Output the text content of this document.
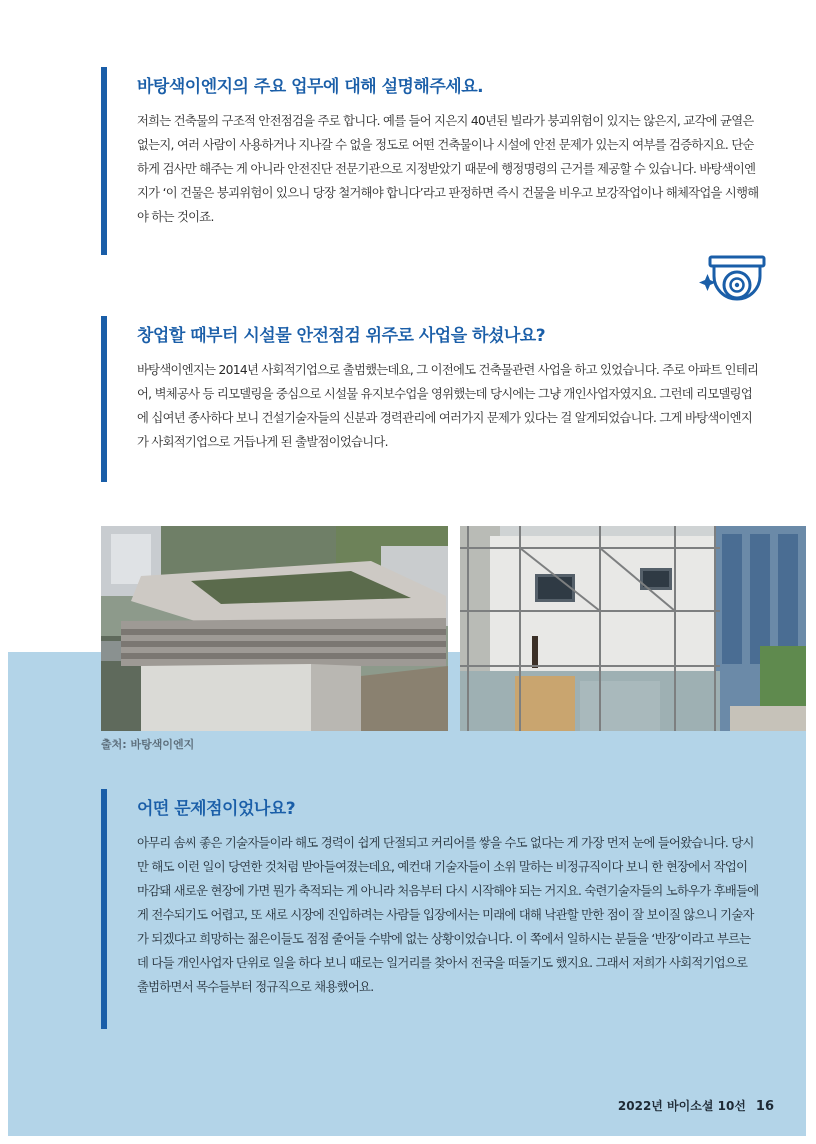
바탕색이엔지의 주요 업무에 대해 설명해주세요.

저희는 건축물의 구조적 안전점검을 주로 합니다. 예를 들어 지은지 40년된 빌라가 붕괴위험이 있지는 않은지, 교각에 균열은 없는지, 여러 사람이 사용하거나 지나갈 수 없을 정도로 어떤 건축물이나 시설에 안전 문제가 있는지 여부를 검증하지요. 단순하게 검사만 해주는 게 아니라 안전진단 전문기관으로 지정받았기 때문에 행정명령의 근거를 제공할 수 있습니다. 바탕색이엔지가 ‘이 건물은 붕괴위험이 있으니 당장 철거해야 합니다’라고 판정하면 즉시 건물을 비우고 보강작업이나 해체작업을 시행해야 하는 것이죠.

창업할 때부터 시설물 안전점검 위주로 사업을 하셨나요?

바탕색이엔지는 2014년 사회적기업으로 출범했는데요, 그 이전에도 건축물관련 사업을 하고 있었습니다. 주로 아파트 인테리어, 벽체공사 등 리모델링을 중심으로 시설물 유지보수업을 영위했는데 당시에는 그냥 개인사업자였지요. 그런데 리모델링업에 십여년 종사하다 보니 건설기술자들의 신분과 경력관리에 여러가지 문제가 있다는 걸 알게되었습니다. 그게 바탕색이엔지가 사회적기업으로 거듭나게 된 출발점이었습니다.

출처: 바탕색이엔지
어떤 문제점이었나요?

아무리 솜씨 좋은 기술자들이라 해도 경력이 쉽게 단절되고 커리어를 쌓을 수도 없다는 게 가장 먼저 눈에 들어왔습니다. 당시만 해도 이런 일이 당연한 것처럼 받아들여졌는데요, 예컨대 기술자들이 소위 말하는 비정규직이다 보니 한 현장에서 작업이 마감돼 새로운 현장에 가면 뭔가 축적되는 게 아니라 처음부터 다시 시작해야 되는 거지요. 숙련기술자들의 노하우가 후배들에게 전수되기도 어렵고, 또 새로 시장에 진입하려는 사람들 입장에서는 미래에 대해 낙관할 만한 점이 잘 보이질 않으니 기술자가 되겠다고 희망하는 젊은이들도 점점 줄어들 수밖에 없는 상황이었습니다. 이 쪽에서 일하시는 분들을 ‘반장’이라고 부르는데 다들 개인사업자 단위로 일을 하다 보니 때로는 일거리를 찾아서 전국을 떠돌기도 했지요. 그래서 저희가 사회적기업으로 출범하면서 목수들부터 정규직으로 채용했어요.

2022년 바이소셜 10선 16
